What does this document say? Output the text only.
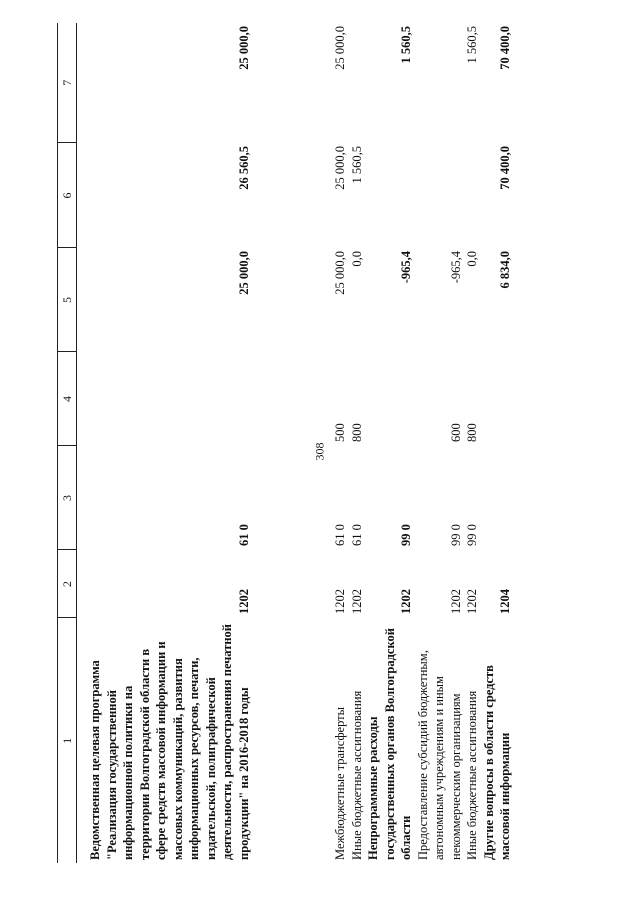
308
1	2	3	4	5	6	7

Ведомственная целевая программа "Реализация государственной информационной политики на территории Волгоградской области в сфере средств массовой информации и массовых коммуникаций, развития информационных ресурсов, печати, издательской, полиграфической деятельности, распространения печатной продукции" на 2016-2018 годы	1202	61 0		25 000,0	26 560,5	25 000,0

Межбюджетные трансферты	1202	61 0	500	25 000,0	25 000,0	25 000,0
Иные бюджетные ассигнования	1202	61 0	800	0,0	1 560,5	
Непрограммные расходы государственных органов Волгоградской области	1202	99 0		-965,4		1 560,5
Предоставление субсидий бюджетным, автономным учреждениям и иным некоммерческим организациям	1202	99 0	600	-965,4		
Иные бюджетные ассигнования	1202	99 0	800	0,0		1 560,5
Другие вопросы в области средств массовой информации	1204			6 834,0	70 400,0	70 400,0
